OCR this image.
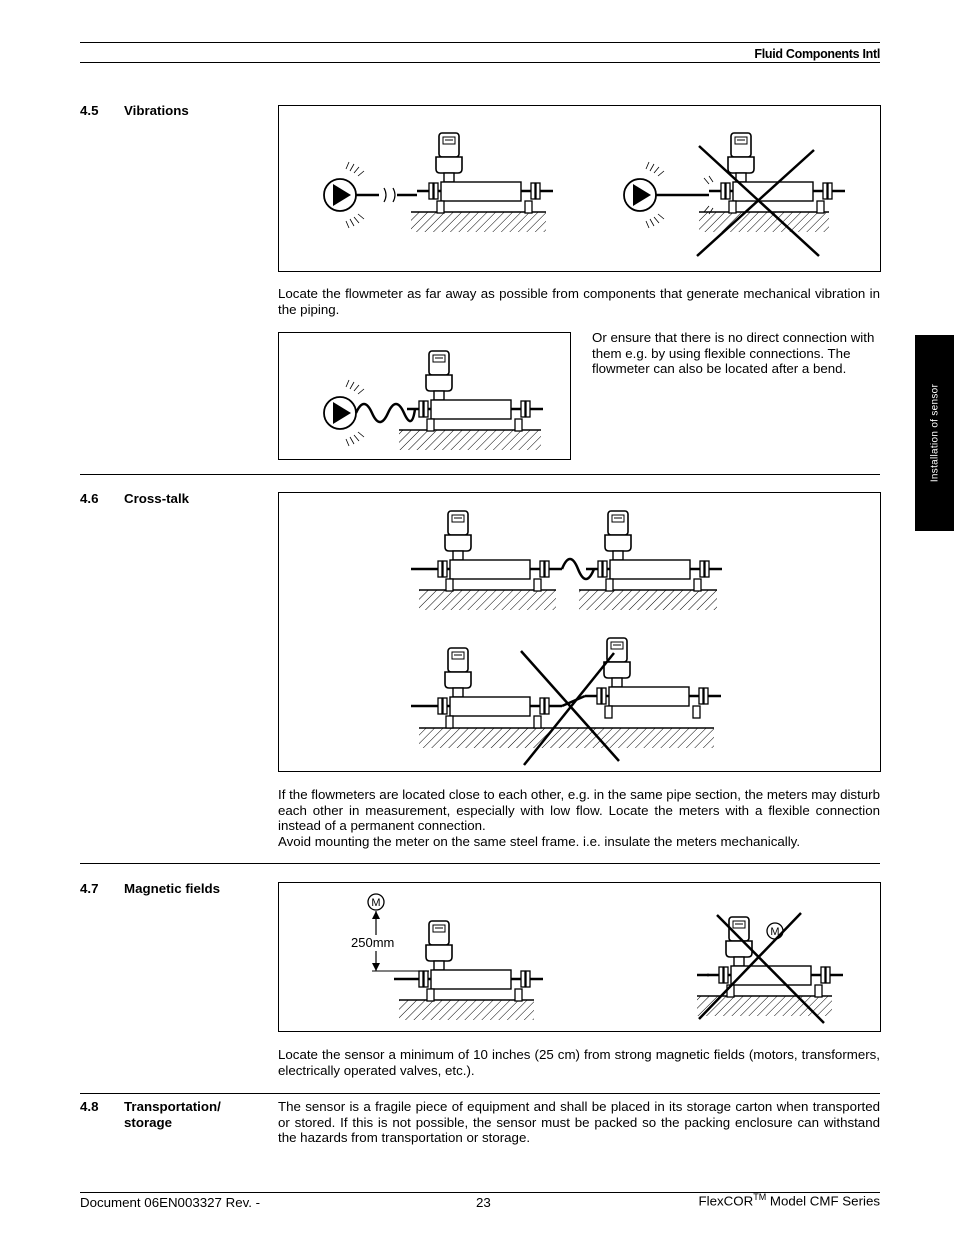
Fluid Components Intl
Installation of sensor
4.5 Vibrations
Locate the flowmeter as far away as possible from components that generate mechanical vibration in the piping.
Or ensure that there is no direct connection with them e.g. by using flexible connections. The flowmeter can also be located after a bend.
4.6 Cross-talk
If the flowmeters are located close to each other, e.g. in the same pipe section, the meters may disturb each other in measurement, especially with low flow. Locate the meters with a flexible connection instead of a permanent connection.
Avoid mounting the meter on the same steel frame. i.e. insulate the meters mechanically.
4.7 Magnetic fields
M
250mm
M
Locate the sensor a minimum of 10 inches (25 cm) from strong magnetic fields (motors, transformers, electrically operated valves, etc.).
4.8 Transportation/
storage
The sensor is a fragile piece of equipment and shall be placed in its storage carton when transported or stored. If this is not possible, the sensor must be packed so the packing enclosure can withstand the hazards from transportation or storage.
Document 06EN003327 Rev. -	23	FlexCOR™ Model CMF Series
